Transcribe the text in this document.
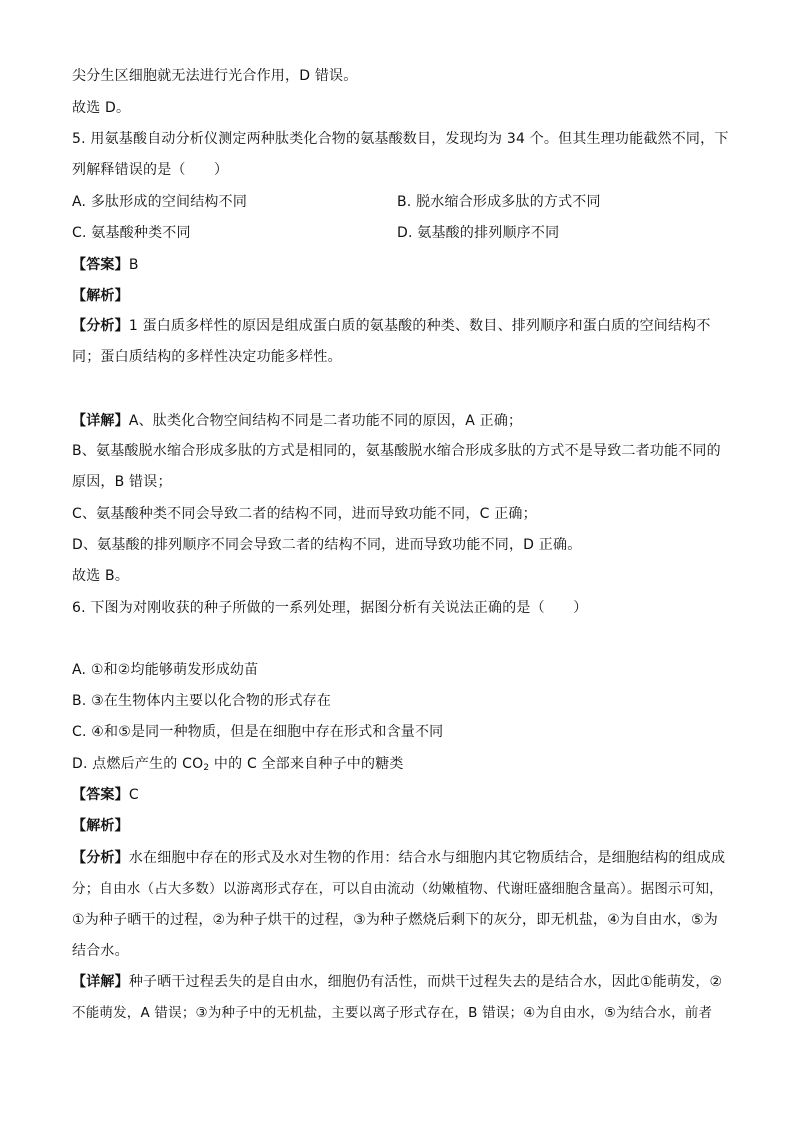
尖分生区细胞就无法进行光合作用，D 错误。
故选 D。
5. 用氨基酸自动分析仪测定两种肽类化合物的氨基酸数目，发现均为 34 个。但其生理功能截然不同，下
列解释错误的是（　　）
A. 多肽形成的空间结构不同	B. 脱水缩合形成多肽的方式不同
C. 氨基酸种类不同	D. 氨基酸的排列顺序不同
【答案】B
【解析】
【分析】1 蛋白质多样性的原因是组成蛋白质的氨基酸的种类、数目、排列顺序和蛋白质的空间结构不
同；蛋白质结构的多样性决定功能多样性。
【详解】A、肽类化合物空间结构不同是二者功能不同的原因，A 正确；
B、氨基酸脱水缩合形成多肽的方式是相同的，氨基酸脱水缩合形成多肽的方式不是导致二者功能不同的
原因，B 错误；
C、氨基酸种类不同会导致二者的结构不同，进而导致功能不同，C 正确；
D、氨基酸的排列顺序不同会导致二者的结构不同，进而导致功能不同，D 正确。
故选 B。
6. 下图为对刚收获的种子所做的一系列处理，据图分析有关说法正确的是（　　）
A. ①和②均能够萌发形成幼苗
B. ③在生物体内主要以化合物的形式存在
C. ④和⑤是同一种物质，但是在细胞中存在形式和含量不同
D. 点燃后产生的 $CO_2$ 中的 C 全部来自种子中的糖类
【答案】C
【解析】
【分析】水在细胞中存在的形式及水对生物的作用：结合水与细胞内其它物质结合，是细胞结构的组成成
分；自由水（占大多数）以游离形式存在，可以自由流动（幼嫩植物、代谢旺盛细胞含量高）。据图示可知，
①为种子晒干的过程，②为种子烘干的过程，③为种子燃烧后剩下的灰分，即无机盐，④为自由水，⑤为
结合水。
【详解】种子晒干过程丢失的是自由水，细胞仍有活性，而烘干过程失去的是结合水，因此①能萌发，②
不能萌发，A 错误；③为种子中的无机盐，主要以离子形式存在，B 错误；④为自由水，⑤为结合水，前者
